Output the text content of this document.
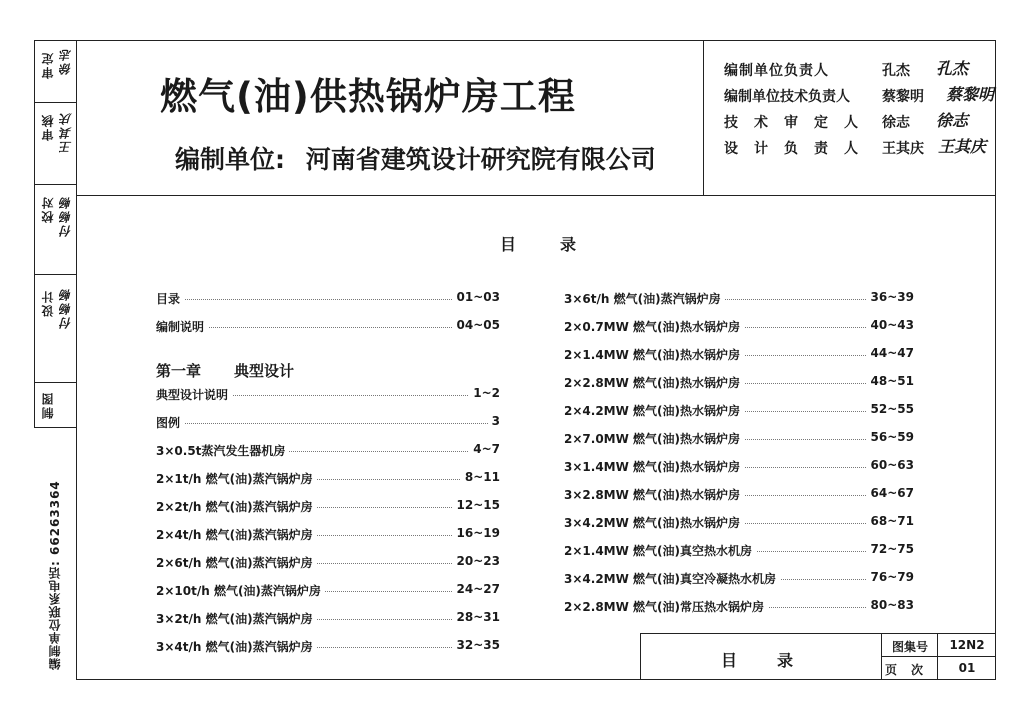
审定 徐志
审核 王其庆
校对 付畅畅
设计 付畅畅
制图
编制单位联系电话: 66263364
燃气(油)供热锅炉房工程
编制单位: 河南省建筑设计研究院有限公司
编制单位负责人	孔杰 孔杰
编制单位技术负责人 蔡黎明 蔡黎明
技术审定人 徐志 徐志
设计负责人 王其庆 王其庆
目录
目录	01~03
编制说明	04~05
第一章 典型设计
典型设计说明	1~2
图例	3
3×0.5t蒸汽发生器机房	4~7
2×1t/h 燃气(油)蒸汽锅炉房	8~11
2×2t/h 燃气(油)蒸汽锅炉房	12~15
2×4t/h 燃气(油)蒸汽锅炉房	16~19
2×6t/h 燃气(油)蒸汽锅炉房	20~23
2×10t/h 燃气(油)蒸汽锅炉房	24~27
3×2t/h 燃气(油)蒸汽锅炉房	28~31
3×4t/h 燃气(油)蒸汽锅炉房	32~35
3×6t/h 燃气(油)蒸汽锅炉房	36~39
2×0.7MW 燃气(油)热水锅炉房	40~43
2×1.4MW 燃气(油)热水锅炉房	44~47
2×2.8MW 燃气(油)热水锅炉房	48~51
2×4.2MW 燃气(油)热水锅炉房	52~55
2×7.0MW 燃气(油)热水锅炉房	56~59
3×1.4MW 燃气(油)热水锅炉房	60~63
3×2.8MW 燃气(油)热水锅炉房	64~67
3×4.2MW 燃气(油)热水锅炉房	68~71
2×1.4MW 燃气(油)真空热水机房	72~75
3×4.2MW 燃气(油)真空冷凝热水机房	76~79
2×2.8MW 燃气(油)常压热水锅炉房	80~83
目录
图集号	12N2
页次	01
